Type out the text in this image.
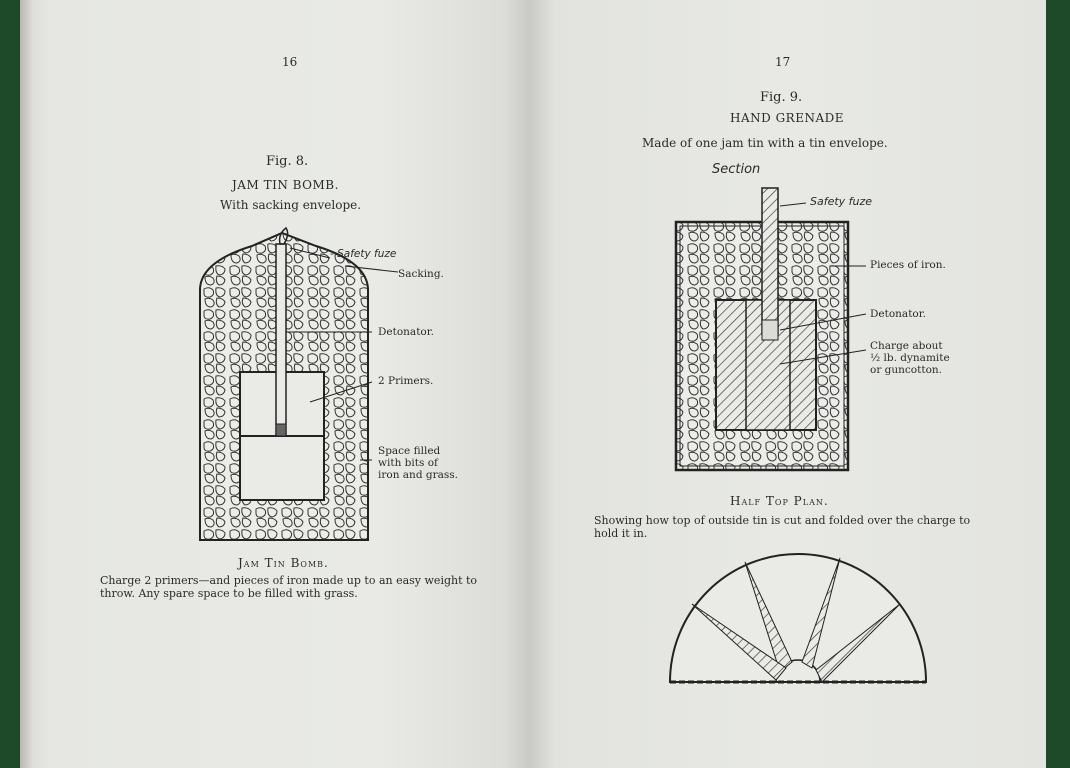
16
Fig. 8.
JAM TIN BOMB.
With sacking envelope.
- Safety fuze
Sacking.
Detonator.
2 Primers.
Space filled
with bits of
iron and grass.
Jam Tin Bomb.
Charge 2 primers—and pieces of iron made up to an easy weight to throw. Any spare space to be filled with grass.
17
Fig. 9.
HAND GRENADE
Made of one jam tin with a tin envelope.
Section
Safety fuze
Pieces of iron.
Detonator.
Charge about
½ lb. dynamite
or guncotton.
Half Top Plan.
Showing how top of outside tin is cut and folded over the charge to hold it in.
